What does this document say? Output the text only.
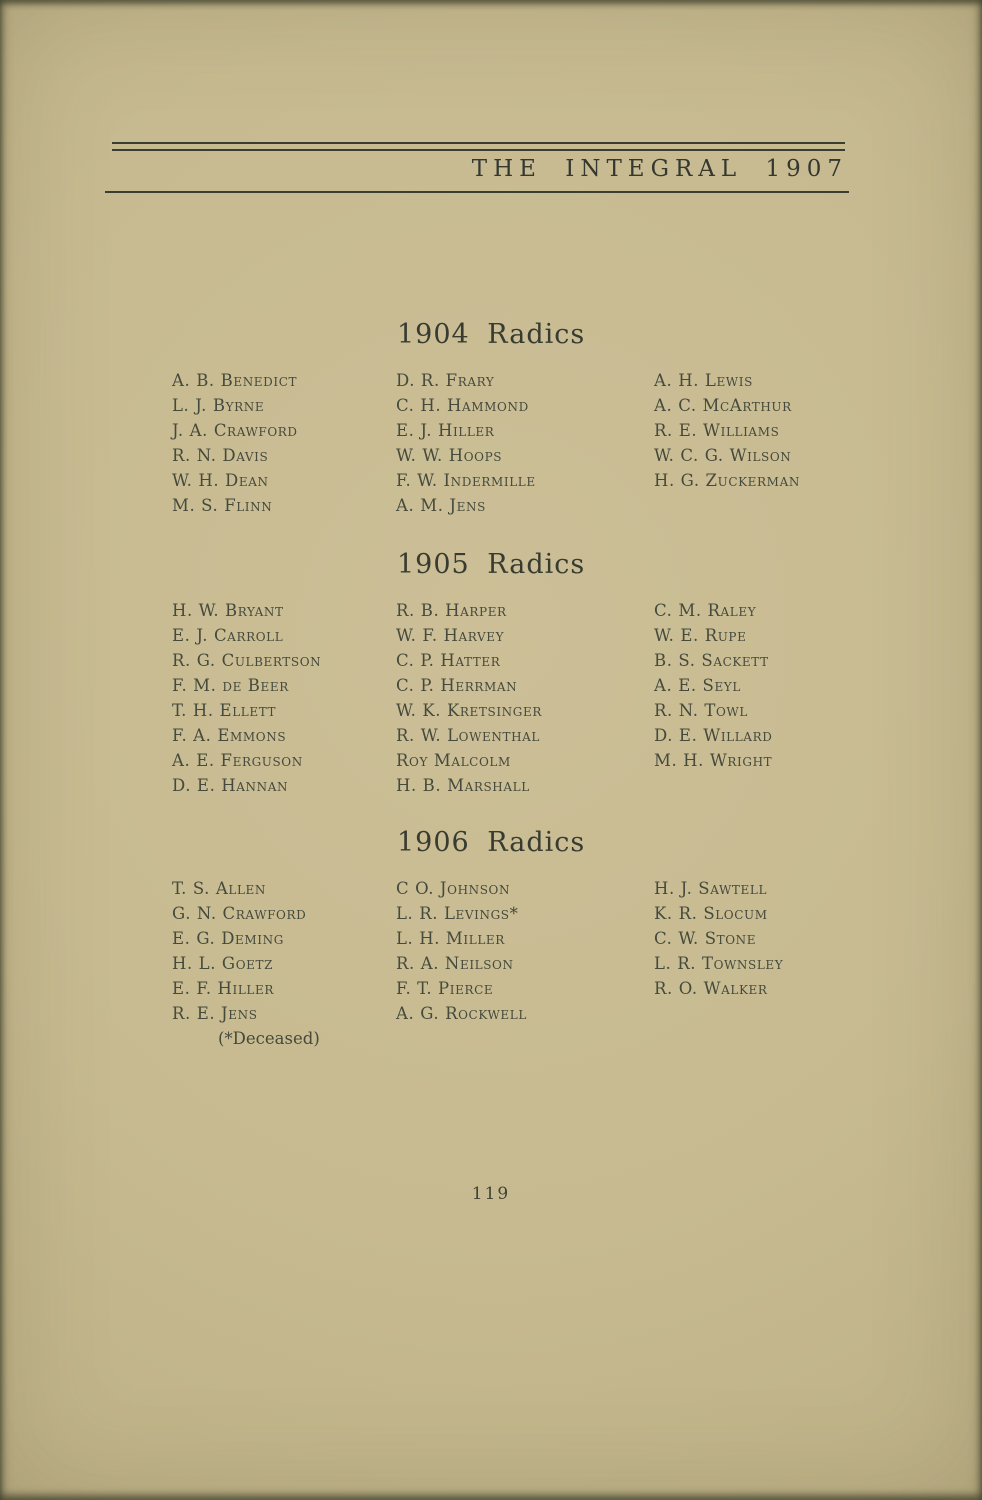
THE INTEGRAL 1907
1904 Radics
A. B. Benedict
L. J. Byrne
J. A. Crawford
R. N. Davis
W. H. Dean
M. S. Flinn
D. R. Frary
C. H. Hammond
E. J. Hiller
W. W. Hoops
F. W. Indermille
A. M. Jens
A. H. Lewis
A. C. McArthur
R. E. Williams
W. C. G. Wilson
H. G. Zuckerman
1905 Radics
H. W. Bryant
E. J. Carroll
R. G. Culbertson
F. M. de Beer
T. H. Ellett
F. A. Emmons
A. E. Ferguson
D. E. Hannan
R. B. Harper
W. F. Harvey
C. P. Hatter
C. P. Herrman
W. K. Kretsinger
R. W. Lowenthal
Roy Malcolm
H. B. Marshall
C. M. Raley
W. E. Rupe
B. S. Sackett
A. E. Seyl
R. N. Towl
D. E. Willard
M. H. Wright
1906 Radics
T. S. Allen
G. N. Crawford
E. G. Deming
H. L. Goetz
E. F. Hiller
R. E. Jens
(*Deceased)
C O. Johnson
L. R. Levings*
L. H. Miller
R. A. Neilson
F. T. Pierce
A. G. Rockwell
H. J. Sawtell
K. R. Slocum
C. W. Stone
L. R. Townsley
R. O. Walker
119
